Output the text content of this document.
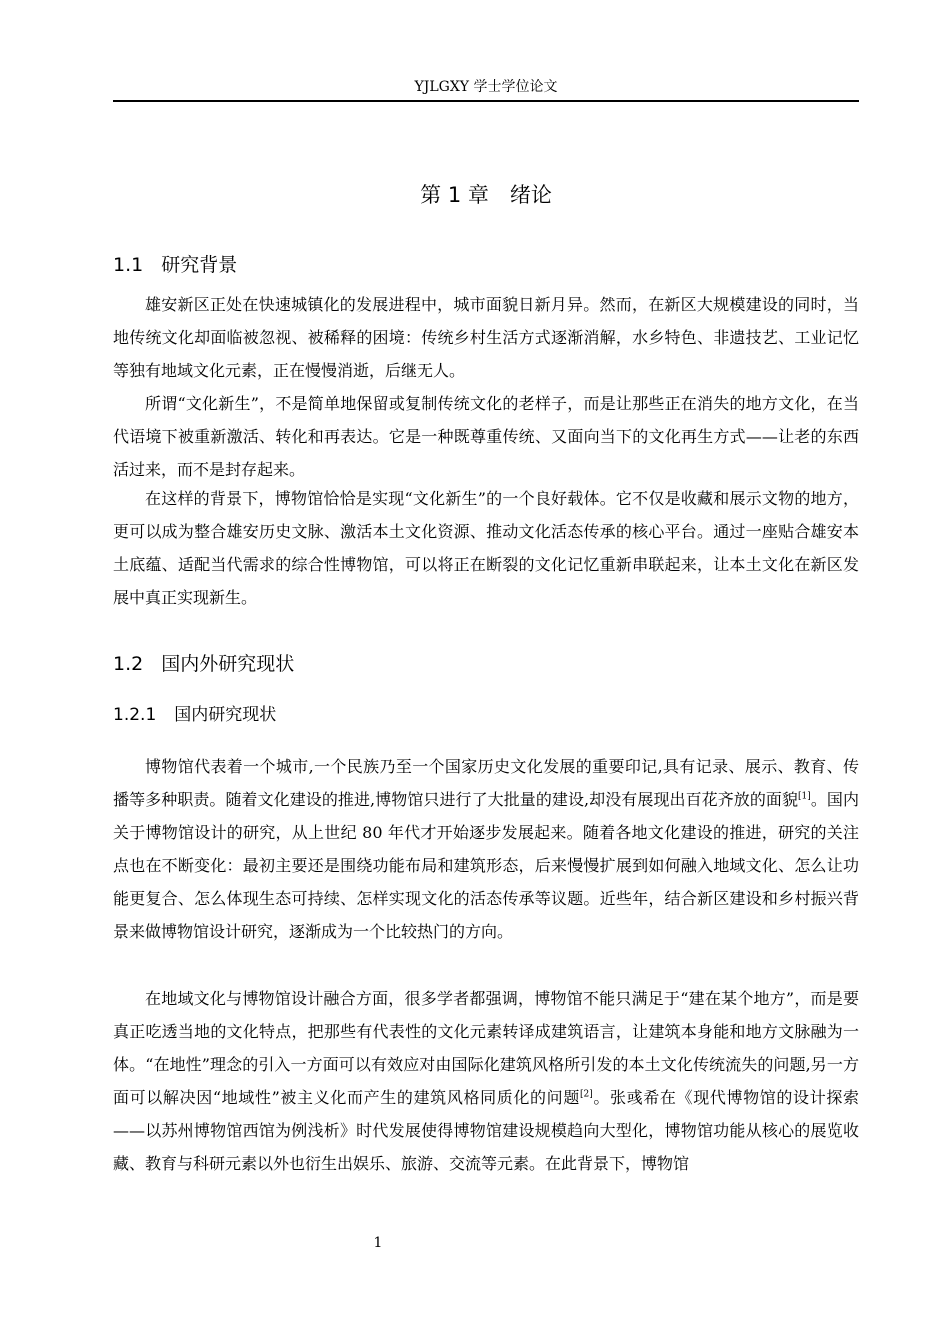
YJLGXY 学士学位论文
第 1 章　绪论
1.1 研究背景

雄安新区正处在快速城镇化的发展进程中，城市面貌日新月异。然而，在新区大规模建设的同时，当地传统文化却面临被忽视、被稀释的困境：传统乡村生活方式逐渐消解，水乡特色、非遗技艺、工业记忆等独有地域文化元素，正在慢慢消逝，后继无人。

所谓“文化新生”，不是简单地保留或复制传统文化的老样子，而是让那些正在消失的地方文化，在当代语境下被重新激活、转化和再表达。它是一种既尊重传统、又面向当下的文化再生方式——让老的东西活过来，而不是封存起来。

在这样的背景下，博物馆恰恰是实现“文化新生”的一个良好载体。它不仅是收藏和展示文物的地方，更可以成为整合雄安历史文脉、激活本土文化资源、推动文化活态传承的核心平台。通过一座贴合雄安本土底蕴、适配当代需求的综合性博物馆，可以将正在断裂的文化记忆重新串联起来，让本土文化在新区发展中真正实现新生。

1.2 国内外研究现状
1.2.1 国内研究现状

博物馆代表着一个城市,一个民族乃至一个国家历史文化发展的重要印记,具有记录、展示、教育、传播等多种职责。随着文化建设的推进,博物馆只进行了大批量的建设,却没有展现出百花齐放的面貌[1]。国内关于博物馆设计的研究，从上世纪 80 年代才开始逐步发展起来。随着各地文化建设的推进，研究的关注点也在不断变化：最初主要还是围绕功能布局和建筑形态，后来慢慢扩展到如何融入地域文化、怎么让功能更复合、怎么体现生态可持续、怎样实现文化的活态传承等议题。近些年，结合新区建设和乡村振兴背景来做博物馆设计研究，逐渐成为一个比较热门的方向。

在地域文化与博物馆设计融合方面，很多学者都强调，博物馆不能只满足于“建在某个地方”，而是要真正吃透当地的文化特点，把那些有代表性的文化元素转译成建筑语言，让建筑本身能和地方文脉融为一体。“在地性”理念的引入一方面可以有效应对由国际化建筑风格所引发的本土文化传统流失的问题,另一方面可以解决因“地域性”被主义化而产生的建筑风格同质化的问题[2]。张彧希在《现代博物馆的设计探索——以苏州博物馆西馆为例浅析》时代发展使得博物馆建设规模趋向大型化，博物馆功能从核心的展览收藏、教育与科研元素以外也衍生出娱乐、旅游、交流等元素。在此背景下，博物馆

1
